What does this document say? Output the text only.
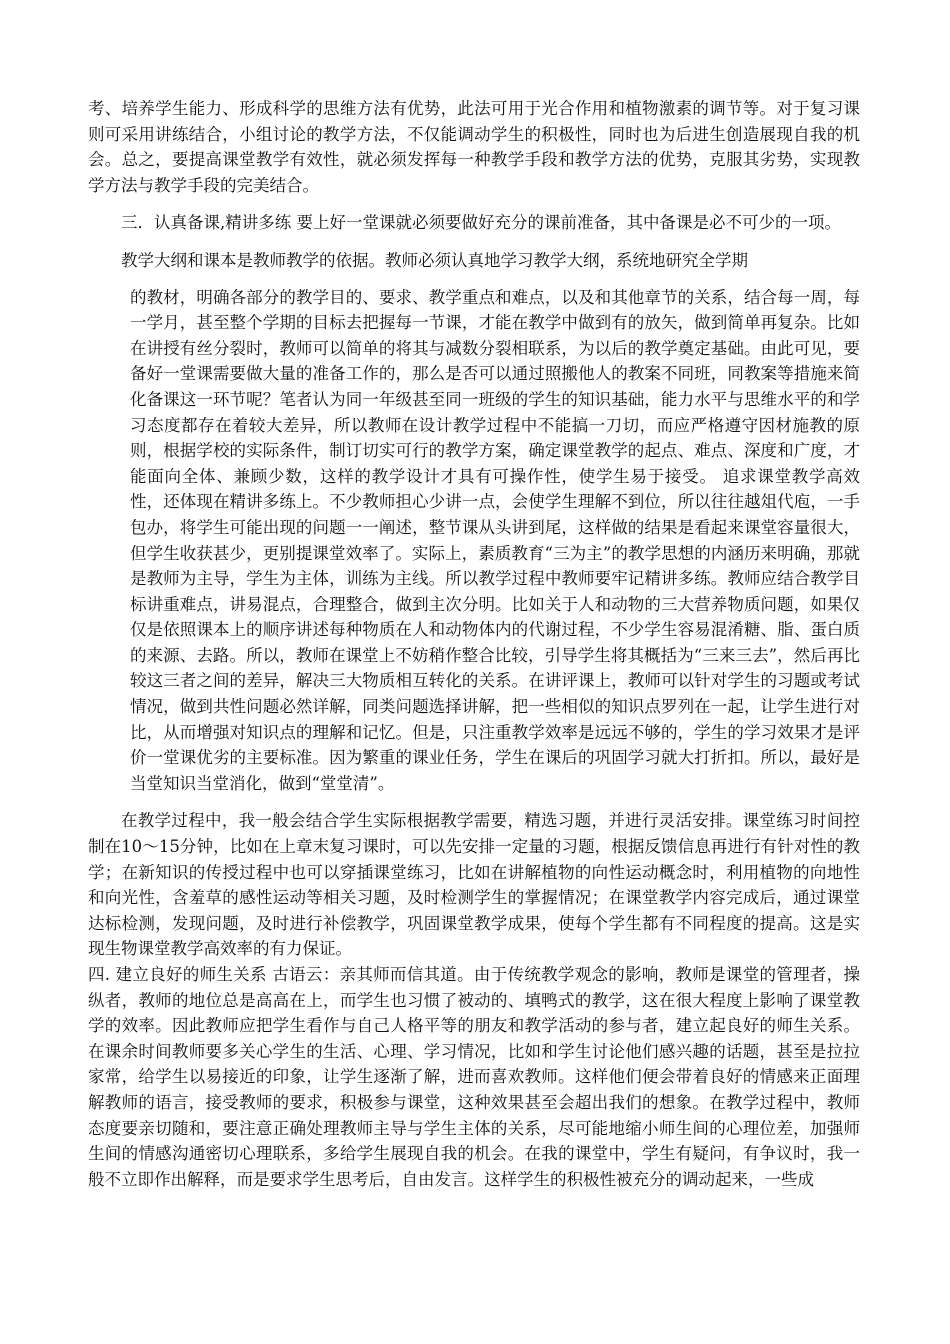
考、培养学生能力、形成科学的思维方法有优势，此法可用于光合作用和植物激素的调节等。对于复习课则可采用讲练结合，小组讨论的教学方法，不仅能调动学生的积极性，同时也为后进生创造展现自我的机会。总之，要提高课堂教学有效性，就必须发挥每一种教学手段和教学方法的优势，克服其劣势，实现教学方法与教学手段的完美结合。

三．认真备课,精讲多练 要上好一堂课就必须要做好充分的课前准备，其中备课是必不可少的一项。

教学大纲和课本是教师教学的依据。教师必须认真地学习教学大纲，系统地研究全学期

的教材，明确各部分的教学目的、要求、教学重点和难点，以及和其他章节的关系，结合每一周，每一学月，甚至整个学期的目标去把握每一节课，才能在教学中做到有的放矢，做到简单再复杂。比如在讲授有丝分裂时，教师可以简单的将其与减数分裂相联系，为以后的教学奠定基础。由此可见，要备好一堂课需要做大量的准备工作的，那么是否可以通过照搬他人的教案不同班，同教案等措施来简化备课这一环节呢？笔者认为同一年级甚至同一班级的学生的知识基础，能力水平与思维水平的和学习态度都存在着较大差异，所以教师在设计教学过程中不能搞一刀切，而应严格遵守因材施教的原则，根据学校的实际条件，制订切实可行的教学方案，确定课堂教学的起点、难点、深度和广度，才能面向全体、兼顾少数，这样的教学设计才具有可操作性，使学生易于接受。 追求课堂教学高效性，还体现在精讲多练上。不少教师担心少讲一点，会使学生理解不到位，所以往往越俎代庖，一手包办，将学生可能出现的问题一一阐述，整节课从头讲到尾，这样做的结果是看起来课堂容量很大，但学生收获甚少，更别提课堂效率了。实际上，素质教育“三为主”的教学思想的内涵历来明确，那就是教师为主导，学生为主体，训练为主线。所以教学过程中教师要牢记精讲多练。教师应结合教学目标讲重难点，讲易混点，合理整合，做到主次分明。比如关于人和动物的三大营养物质问题，如果仅仅是依照课本上的顺序讲述每种物质在人和动物体内的代谢过程，不少学生容易混淆糖、脂、蛋白质的来源、去路。所以，教师在课堂上不妨稍作整合比较，引导学生将其概括为“三来三去”，然后再比较这三者之间的差异，解决三大物质相互转化的关系。在讲评课上，教师可以针对学生的习题或考试情况，做到共性问题必然详解，同类问题选择讲解，把一些相似的知识点罗列在一起，让学生进行对比，从而增强对知识点的理解和记忆。但是，只注重教学效率是远远不够的，学生的学习效果才是评价一堂课优劣的主要标准。因为繁重的课业任务，学生在课后的巩固学习就大打折扣。所以，最好是当堂知识当堂消化，做到“堂堂清”。

在教学过程中，我一般会结合学生实际根据教学需要，精选习题，并进行灵活安排。课堂练习时间控制在10～15分钟，比如在上章末复习课时，可以先安排一定量的习题，根据反馈信息再进行有针对性的教学；在新知识的传授过程中也可以穿插课堂练习，比如在讲解植物的向性运动概念时，利用植物的向地性和向光性，含羞草的感性运动等相关习题，及时检测学生的掌握情况；在课堂教学内容完成后，通过课堂达标检测，发现问题，及时进行补偿教学，巩固课堂教学成果，使每个学生都有不同程度的提高。这是实现生物课堂教学高效率的有力保证。

四. 建立良好的师生关系 古语云：亲其师而信其道。由于传统教学观念的影响，教师是课堂的管理者，操纵者，教师的地位总是高高在上，而学生也习惯了被动的、填鸭式的教学，这在很大程度上影响了课堂教学的效率。因此教师应把学生看作与自己人格平等的朋友和教学活动的参与者，建立起良好的师生关系。在课余时间教师要多关心学生的生活、心理、学习情况，比如和学生讨论他们感兴趣的话题，甚至是拉拉家常，给学生以易接近的印象，让学生逐渐了解，进而喜欢教师。这样他们便会带着良好的情感来正面理解教师的语言，接受教师的要求，积极参与课堂，这种效果甚至会超出我们的想象。在教学过程中，教师态度要亲切随和，要注意正确处理教师主导与学生主体的关系，尽可能地缩小师生间的心理位差，加强师生间的情感沟通密切心理联系，多给学生展现自我的机会。在我的课堂中，学生有疑问，有争议时，我一般不立即作出解释，而是要求学生思考后，自由发言。这样学生的积极性被充分的调动起来，一些成
